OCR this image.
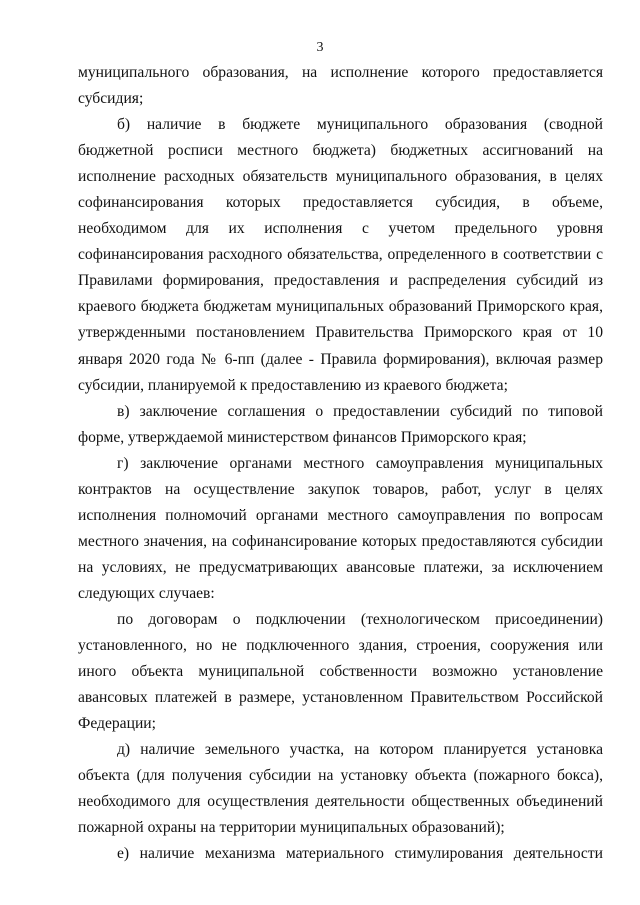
3

муниципального образования, на исполнение которого предоставляется субсидия;

б) наличие в бюджете муниципального образования (сводной бюджетной росписи местного бюджета) бюджетных ассигнований на исполнение расходных обязательств муниципального образования, в целях софинансирования которых предоставляется субсидия, в объеме, необходимом для их исполнения с учетом предельного уровня софинансирования расходного обязательства, определенного в соответствии с Правилами формирования, предоставления и распределения субсидий из краевого бюджета бюджетам муниципальных образований Приморского края, утвержденными постановлением Правительства Приморского края от 10 января 2020 года № 6-пп (далее - Правила формирования), включая размер субсидии, планируемой к предоставлению из краевого бюджета;

в) заключение соглашения о предоставлении субсидий по типовой форме, утверждаемой министерством финансов Приморского края;

г) заключение органами местного самоуправления муниципальных контрактов на осуществление закупок товаров, работ, услуг в целях исполнения полномочий органами местного самоуправления по вопросам местного значения, на софинансирование которых предоставляются субсидии на условиях, не предусматривающих авансовые платежи, за исключением следующих случаев:

по договорам о подключении (технологическом присоединении) установленного, но не подключенного здания, строения, сооружения или иного объекта муниципальной собственности возможно установление авансовых платежей в размере, установленном Правительством Российской Федерации;

д) наличие земельного участка, на котором планируется установка объекта (для получения субсидии на установку объекта (пожарного бокса), необходимого для осуществления деятельности общественных объединений пожарной охраны на территории муниципальных образований);

е) наличие механизма материального стимулирования деятельности
